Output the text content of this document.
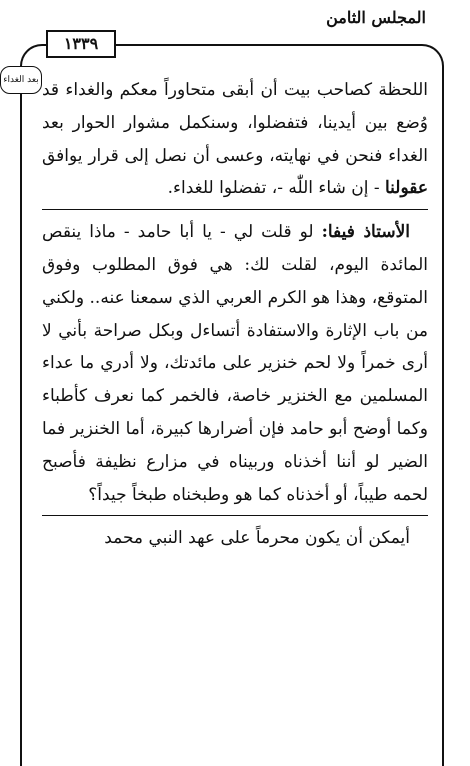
المجلس الثامن
١٣٣٩
بعد الغداء اللحظة كصاحب بيت أن أبقى متحاوراً معكم والغداء قد وُضع بين أيدينا، فتفضلوا، وسنكمل مشوار الحوار بعد الغداء فنحن في نهايته، وعسى أن نصل إلى قرار يوافق عقولنا - إن شاء اللّٰه -، تفضلوا للغداء.

الأستاذ فيفا: لو قلت لي - يا أبا حامد - ماذا ينقص المائدة اليوم، لقلت لك: هي فوق المطلوب وفوق المتوقع، وهذا هو الكرم العربي الذي سمعنا عنه.. ولكني من باب الإثارة والاستفادة أتساءل وبكل صراحة بأني لا أرى خمراً ولا لحم خنزير على مائدتك، ولا أدري ما عداء المسلمين مع الخنزير خاصة، فالخمر كما نعرف كأطباء وكما أوضح أبو حامد فإن أضرارها كبيرة، أما الخنزير فما الضير لو أننا أخذناه وربيناه في مزارع نظيفة فأصبح لحمه طيباً، أو أخذناه كما هو وطبخناه طبخاً جيداً؟

أيمكن أن يكون محرماً على عهد النبي محمد
